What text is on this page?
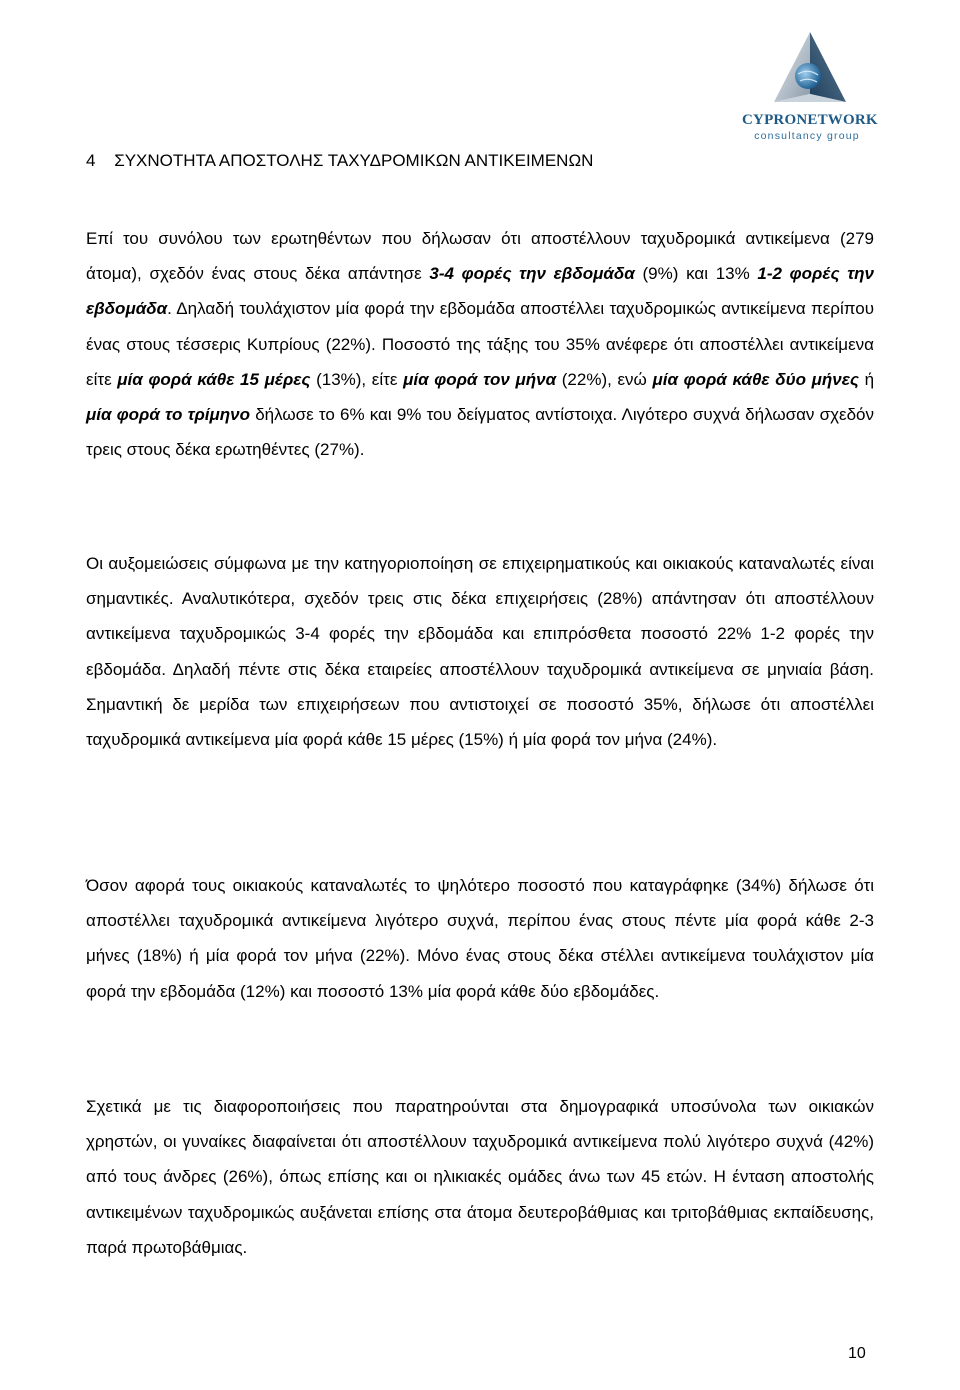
CYPRONETWORK
consultancy group
4 ΣΥΧΝΟΤΗΤΑ ΑΠΟΣΤΟΛΗΣ ΤΑΧΥΔΡΟΜΙΚΩΝ ΑΝΤΙΚΕΙΜΕΝΩΝ
Επί του συνόλου των ερωτηθέντων που δήλωσαν ότι αποστέλλουν ταχυδρομικά αντικείμενα (279 άτομα), σχεδόν ένας στους δέκα απάντησε 3-4 φορές την εβδομάδα (9%) και 13% 1-2 φορές την εβδομάδα. Δηλαδή τουλάχιστον μία φορά την εβδομάδα αποστέλλει ταχυδρομικώς αντικείμενα περίπου ένας στους τέσσερις Κυπρίους (22%). Ποσοστό της τάξης του 35% ανέφερε ότι αποστέλλει αντικείμενα είτε μία φορά κάθε 15 μέρες (13%), είτε μία φορά τον μήνα (22%), ενώ μία φορά κάθε δύο μήνες ή μία φορά το τρίμηνο δήλωσε το 6% και 9% του δείγματος αντίστοιχα. Λιγότερο συχνά δήλωσαν σχεδόν τρεις στους δέκα ερωτηθέντες (27%).
Οι αυξομειώσεις σύμφωνα με την κατηγοριοποίηση σε επιχειρηματικούς και οικιακούς καταναλωτές είναι σημαντικές. Αναλυτικότερα, σχεδόν τρεις στις δέκα επιχειρήσεις (28%) απάντησαν ότι αποστέλλουν αντικείμενα ταχυδρομικώς 3-4 φορές την εβδομάδα και επιπρόσθετα ποσοστό 22% 1-2 φορές την εβδομάδα. Δηλαδή πέντε στις δέκα εταιρείες αποστέλλουν ταχυδρομικά αντικείμενα σε μηνιαία βάση. Σημαντική δε μερίδα των επιχειρήσεων που αντιστοιχεί σε ποσοστό 35%, δήλωσε ότι αποστέλλει ταχυδρομικά αντικείμενα μία φορά κάθε 15 μέρες (15%) ή μία φορά τον μήνα (24%).
Όσον αφορά τους οικιακούς καταναλωτές το ψηλότερο ποσοστό που καταγράφηκε (34%) δήλωσε ότι αποστέλλει ταχυδρομικά αντικείμενα λιγότερο συχνά, περίπου ένας στους πέντε μία φορά κάθε 2-3 μήνες (18%) ή μία φορά τον μήνα (22%). Μόνο ένας στους δέκα στέλλει αντικείμενα τουλάχιστον μία φορά την εβδομάδα (12%) και ποσοστό 13% μία φορά κάθε δύο εβδομάδες.
Σχετικά με τις διαφοροποιήσεις που παρατηρούνται στα δημογραφικά υποσύνολα των οικιακών χρηστών, οι γυναίκες διαφαίνεται ότι αποστέλλουν ταχυδρομικά αντικείμενα πολύ λιγότερο συχνά (42%) από τους άνδρες (26%), όπως επίσης και οι ηλικιακές ομάδες άνω των 45 ετών. Η ένταση αποστολής αντικειμένων ταχυδρομικώς αυξάνεται επίσης στα άτομα δευτεροβάθμιας και τριτοβάθμιας εκπαίδευσης, παρά πρωτοβάθμιας.
10
